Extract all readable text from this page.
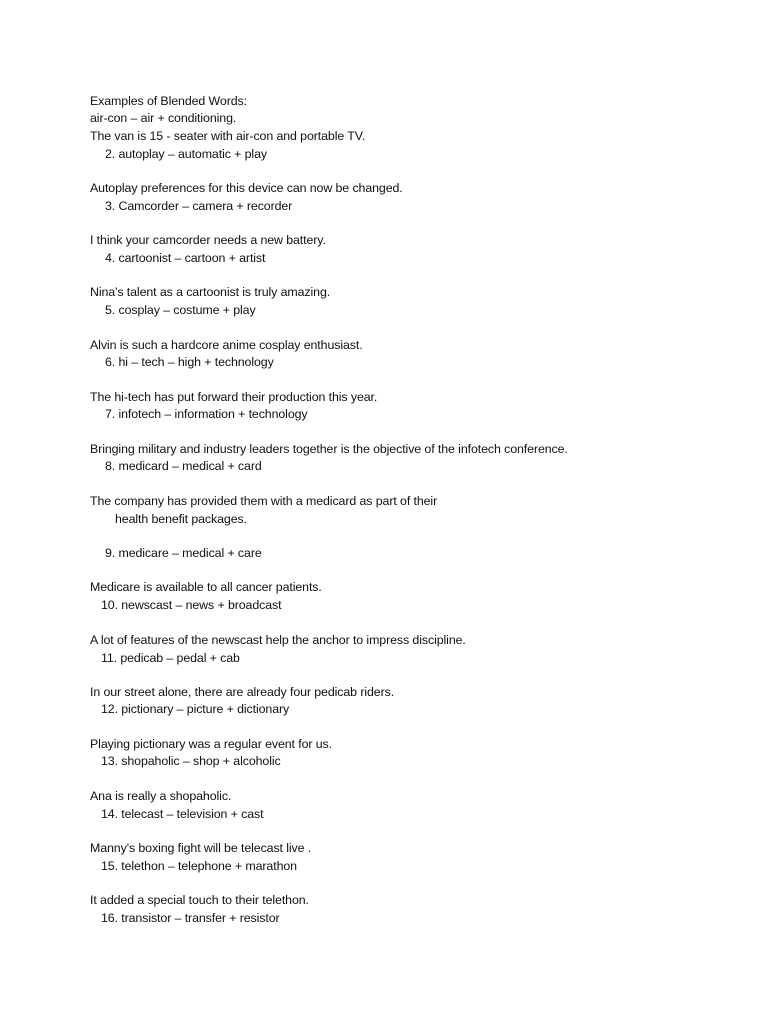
Examples of Blended Words:
air-con – air + conditioning.
The van is 15 - seater with air-con and portable TV.
2. autoplay – automatic + play
Autoplay preferences for this device can now be changed.
3. Camcorder – camera + recorder
I think your camcorder needs a new battery.
4. cartoonist – cartoon + artist
Nina's talent as a cartoonist is truly amazing.
5. cosplay – costume + play
Alvin is such a hardcore anime cosplay enthusiast.
6. hi – tech – high + technology
The hi-tech has put forward their production this year.
7. infotech – information + technology
Bringing military and industry leaders together is the objective of the infotech conference.
8. medicard – medical + card
The company has provided them with a medicard as part of their
health benefit packages.
9. medicare – medical + care
Medicare is available to all cancer patients.
10. newscast – news + broadcast
A lot of features of the newscast help the anchor to impress discipline.
11. pedicab – pedal + cab
In our street alone, there are already four pedicab riders.
12. pictionary – picture + dictionary
Playing pictionary was a regular event for us.
13. shopaholic – shop + alcoholic
Ana is really a shopaholic.
14. telecast – television + cast
Manny's boxing fight will be telecast live .
15. telethon – telephone + marathon
It added a special touch to their telethon.
16. transistor – transfer + resistor
